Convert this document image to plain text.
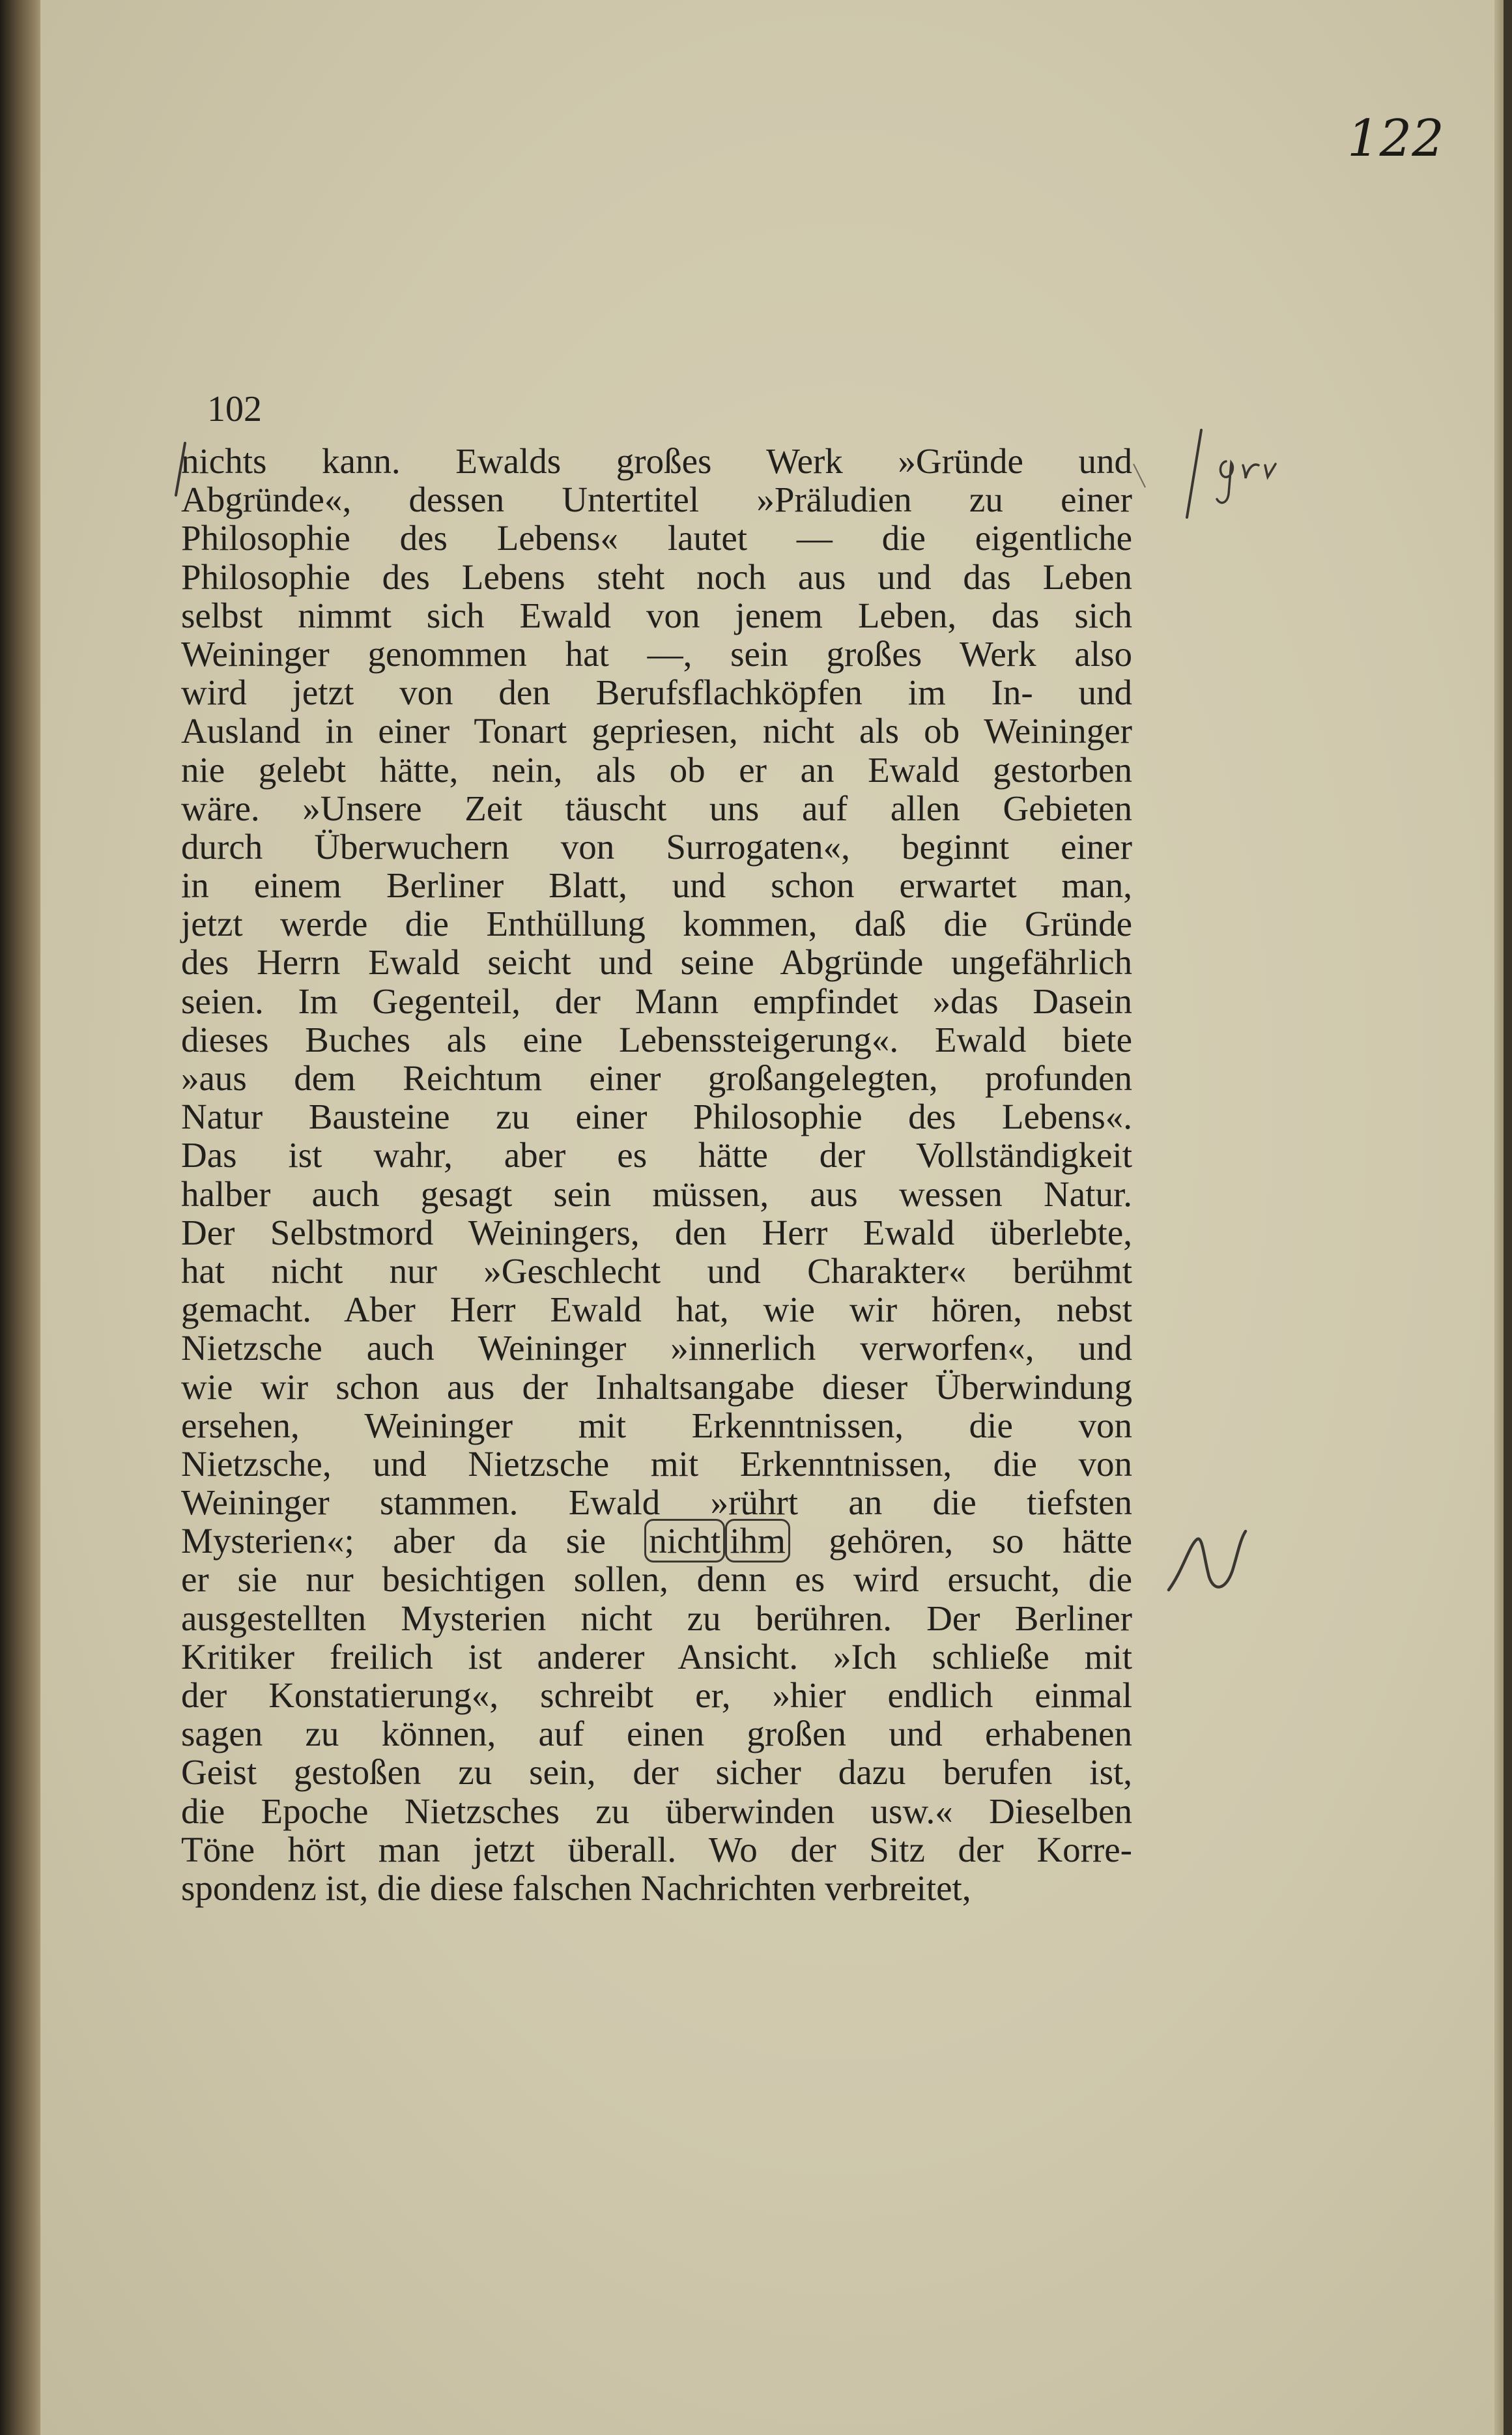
122
102
nichts kann. Ewalds großes Werk »Gründe und
Abgründe«, dessen Untertitel »Präludien zu einer
Philosophie des Lebens« lautet — die eigentliche
Philosophie des Lebens steht noch aus und das Leben
selbst nimmt sich Ewald von jenem Leben, das sich
Weininger genommen hat —, sein großes Werk also
wird jetzt von den Berufsflachköpfen im In- und
Ausland in einer Tonart gepriesen, nicht als ob Weininger
nie gelebt hätte, nein, als ob er an Ewald gestorben
wäre. »Unsere Zeit täuscht uns auf allen Gebieten
durch Überwuchern von Surrogaten«, beginnt einer
in einem Berliner Blatt, und schon erwartet man,
jetzt werde die Enthüllung kommen, daß die Gründe
des Herrn Ewald seicht und seine Abgründe ungefährlich
seien. Im Gegenteil, der Mann empfindet »das Dasein
dieses Buches als eine Lebenssteigerung«. Ewald biete
»aus dem Reichtum einer großangelegten, profunden
Natur Bausteine zu einer Philosophie des Lebens«.
Das ist wahr, aber es hätte der Vollständigkeit
halber auch gesagt sein müssen, aus wessen Natur.
Der Selbstmord Weiningers, den Herr Ewald überlebte,
hat nicht nur »Geschlecht und Charakter« berühmt
gemacht. Aber Herr Ewald hat, wie wir hören, nebst
Nietzsche auch Weininger »innerlich verworfen«, und
wie wir schon aus der Inhaltsangabe dieser Überwindung
ersehen, Weininger mit Erkenntnissen, die von
Nietzsche, und Nietzsche mit Erkenntnissen, die von
Weininger stammen. Ewald »rührt an die tiefsten
Mysterien«; aber da sie nicht ihm gehören, so hätte
er sie nur besichtigen sollen, denn es wird ersucht, die
ausgestellten Mysterien nicht zu berühren. Der Berliner
Kritiker freilich ist anderer Ansicht. »Ich schließe mit
der Konstatierung«, schreibt er, »hier endlich einmal
sagen zu können, auf einen großen und erhabenen
Geist gestoßen zu sein, der sicher dazu berufen ist,
die Epoche Nietzsches zu überwinden usw.« Dieselben
Töne hört man jetzt überall. Wo der Sitz der Korre-
spondenz ist, die diese falschen Nachrichten verbreitet,
